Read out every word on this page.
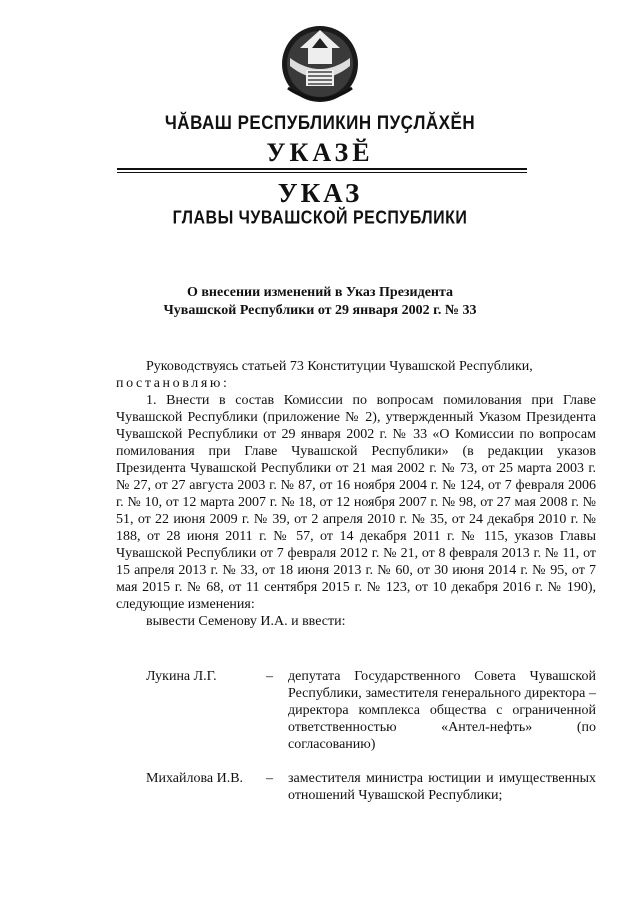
ЧӐВАШ РЕСПУБЛИКИН ПУҪЛӐХӖН
УКАЗӖ
УКАЗ
ГЛАВЫ ЧУВАШСКОЙ РЕСПУБЛИКИ
О внесении изменений в Указ Президента
Чувашской Республики от 29 января 2002 г. № 33

Руководствуясь статьей 73 Конституции Чувашской Республики,

постановляю:

1. Внести в состав Комиссии по вопросам помилования при Главе Чувашской Республики (приложение № 2), утвержденный Указом Президента Чувашской Республики от 29 января 2002 г. № 33 «О Комиссии по вопросам помилования при Главе Чувашской Республики» (в редакции указов Президента Чувашской Республики от 21 мая 2002 г. № 73, от 25 марта 2003 г. № 27, от 27 августа 2003 г. № 87, от 16 ноября 2004 г. № 124, от 7 февраля 2006 г. № 10, от 12 марта 2007 г. № 18, от 12 ноября 2007 г. № 98, от 27 мая 2008 г. № 51, от 22 июня 2009 г. № 39, от 2 апреля 2010 г. № 35, от 24 декабря 2010 г. № 188, от 28 июня 2011 г. № 57, от 14 декабря 2011 г. № 115, указов Главы Чувашской Республики от 7 февраля 2012 г. № 21, от 8 февраля 2013 г. № 11, от 15 апреля 2013 г. № 33, от 18 июня 2013 г. № 60, от 30 июня 2014 г. № 95, от 7 мая 2015 г. № 68, от 11 сентября 2015 г. № 123, от 10 декабря 2016 г. № 190), следующие изменения:

вывести Семенову И.А. и ввести:

Лукина Л.Г.	– депутата Государственного Совета Чувашской Республики, заместителя генерального директора – директора комплекса общества с ограниченной ответственностью «Антел-нефть» (по согласованию)
Михайлова И.В. – заместителя министра юстиции и имущественных отношений Чувашской Республики;
